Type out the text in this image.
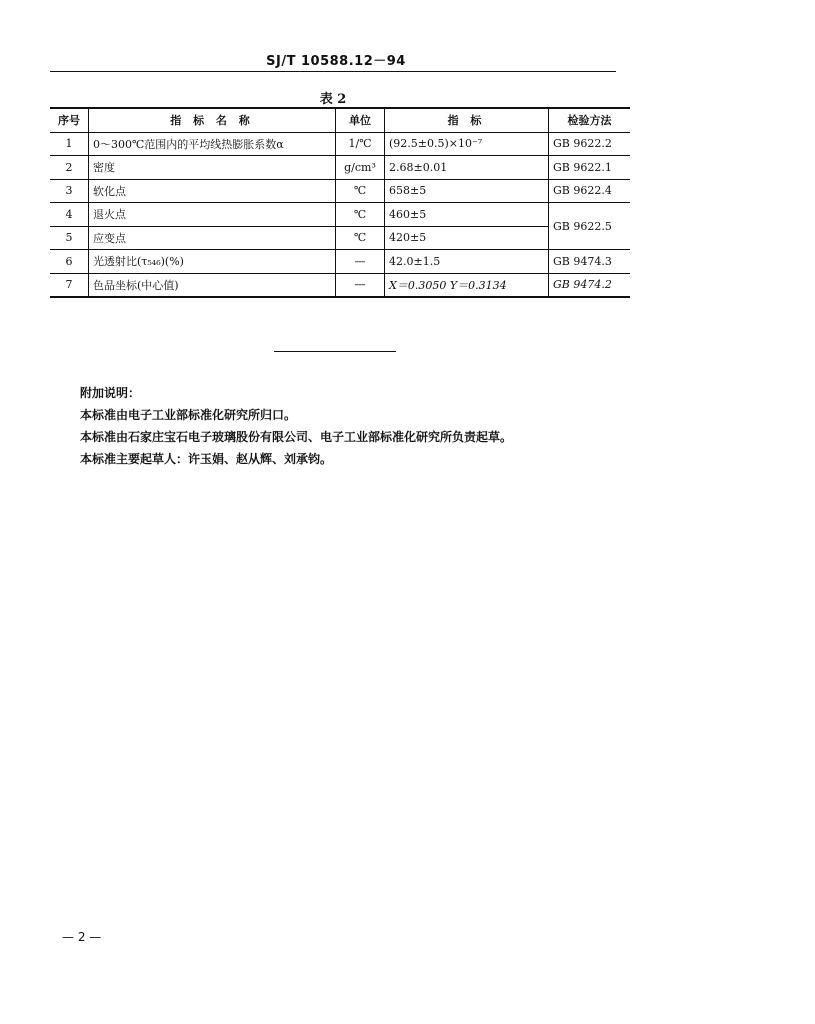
SJ/T 10588.12－94
表 2
序号	指 标 名 称	单位	指 标	检验方法
1	0～300℃范围内的平均线热膨胀系数α	1/℃	(92.5±0.5)×10⁻⁷	GB 9622.2
2	密度	g/cm³	2.68±0.01	GB 9622.1
3	软化点	℃	658±5	GB 9622.4
4	退火点	℃	460±5	GB 9622.5
5	应变点	℃	420±5	
6	光透射比(τ₅₄₆)(%)	—	42.0±1.5	GB 9474.3
7	色品坐标(中心值)	—	X＝0.3050 Y＝0.3134	GB 9474.2
附加说明：
本标准由电子工业部标准化研究所归口。
本标准由石家庄宝石电子玻璃股份有限公司、电子工业部标准化研究所负责起草。
本标准主要起草人：许玉娟、赵从辉、刘承钧。
— 2 —
